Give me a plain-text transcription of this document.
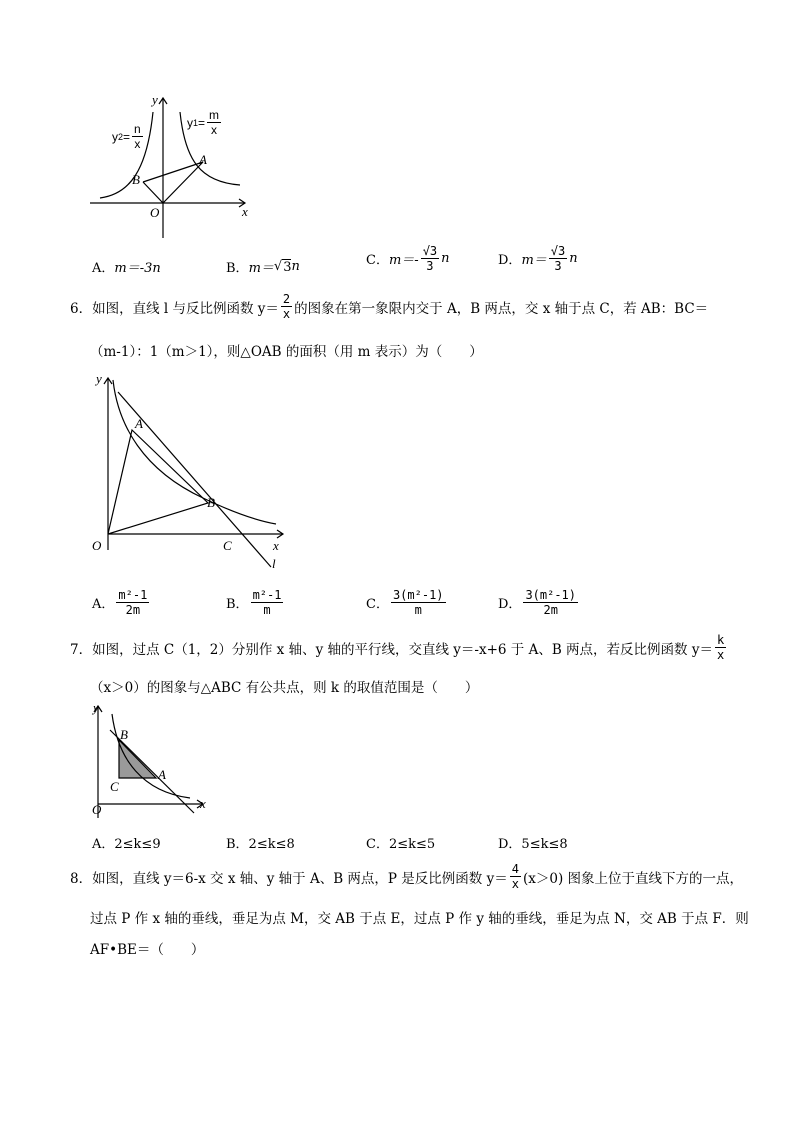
y
x
O
A
B
y $2 = \frac{n}{x}$	y $1 = \frac{m}{x}$
A． m＝-3n	B． m＝ √ 3 n	C． $m=- \frac{√3}{3}$ n	D． $m= \frac{√3}{3}$ n
6．如图，直线 l 与反比例函数 $y= \frac{2}{x}$ 的图象在第一象限内交于 A，B 两点，交 x 轴于点 C，若 AB：BC＝
（m-1）：1（m＞1），则△OAB 的面积（用 m 表示）为（　　）
y
x
O
A
B
C
l
A． $\frac{\text{m²-1}}{2m}$	B． $\frac{\text{m²-1}}{m}$	C． $\frac{\text{3(m²-1)}}{m}$	D． $\frac{\text{3(m²-1)}}{2m}$
7．如图，过点 C（1，2）分别作 x 轴、y 轴的平行线，交直线 y＝-x+6 于 A、B 两点，若反比例函数 $y= \frac{k}{x}$
（x＞0）的图象与△ABC 有公共点，则 k 的取值范围是（　　）
y
x
O
A
B
C
A．2≤k≤9	B．2≤k≤8	C．2≤k≤5	D．5≤k≤8
8．如图，直线 y＝6-x 交 x 轴、y 轴于 A、B 两点，P 是反比例函数 $y= \frac{4}{x} (x>0)$ 图象上位于直线下方的一点，
过点 P 作 x 轴的垂线，垂足为点 M，交 AB 于点 E，过点 P 作 y 轴的垂线，垂足为点 N，交 AB 于点 F．则
AF•BE＝（　　）
